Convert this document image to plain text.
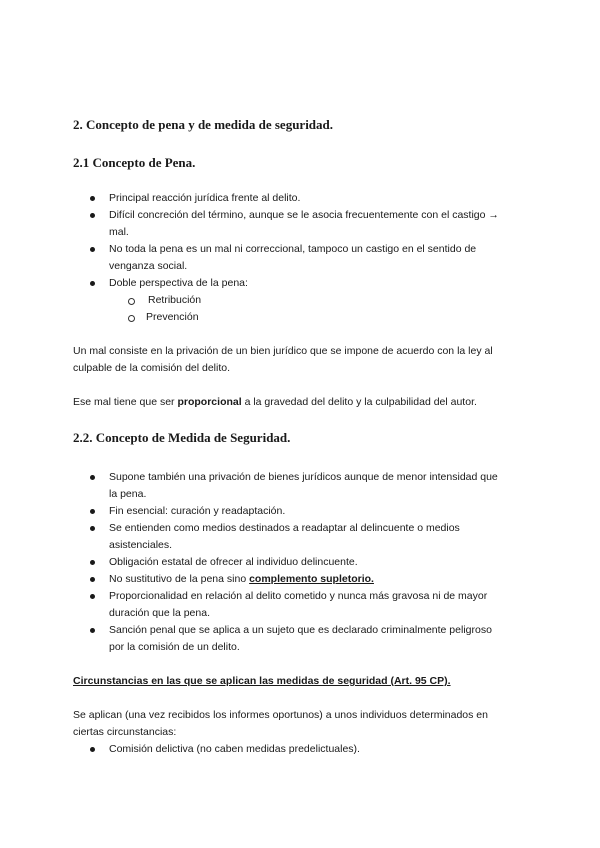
2. Concepto de pena y de medida de seguridad.
2.1 Concepto de Pena.
Principal reacción jurídica frente al delito.
Difícil concreción del término, aunque se le asocia frecuentemente con el castigo →
mal.
No toda la pena es un mal ni correccional, tampoco un castigo en el sentido de
venganza social.
Doble perspectiva de la pena:
Retribución
Prevención
Un mal consiste en la privación de un bien jurídico que se impone de acuerdo con la ley al
culpable de la comisión del delito.
Ese mal tiene que ser proporcional a la gravedad del delito y la culpabilidad del autor.
2.2. Concepto de Medida de Seguridad.
Supone también una privación de bienes jurídicos aunque de menor intensidad que
la pena.
Fin esencial: curación y readaptación.
Se entienden como medios destinados a readaptar al delincuente o medios
asistenciales.
Obligación estatal de ofrecer al individuo delincuente.
No sustitutivo de la pena sino complemento supletorio.
Proporcionalidad en relación al delito cometido y nunca más gravosa ni de mayor
duración que la pena.
Sanción penal que se aplica a un sujeto que es declarado criminalmente peligroso
por la comisión de un delito.
Circunstancias en las que se aplican las medidas de seguridad (Art. 95 CP).
Se aplican (una vez recibidos los informes oportunos) a unos individuos determinados en
ciertas circunstancias:
Comisión delictiva (no caben medidas predelictuales).
